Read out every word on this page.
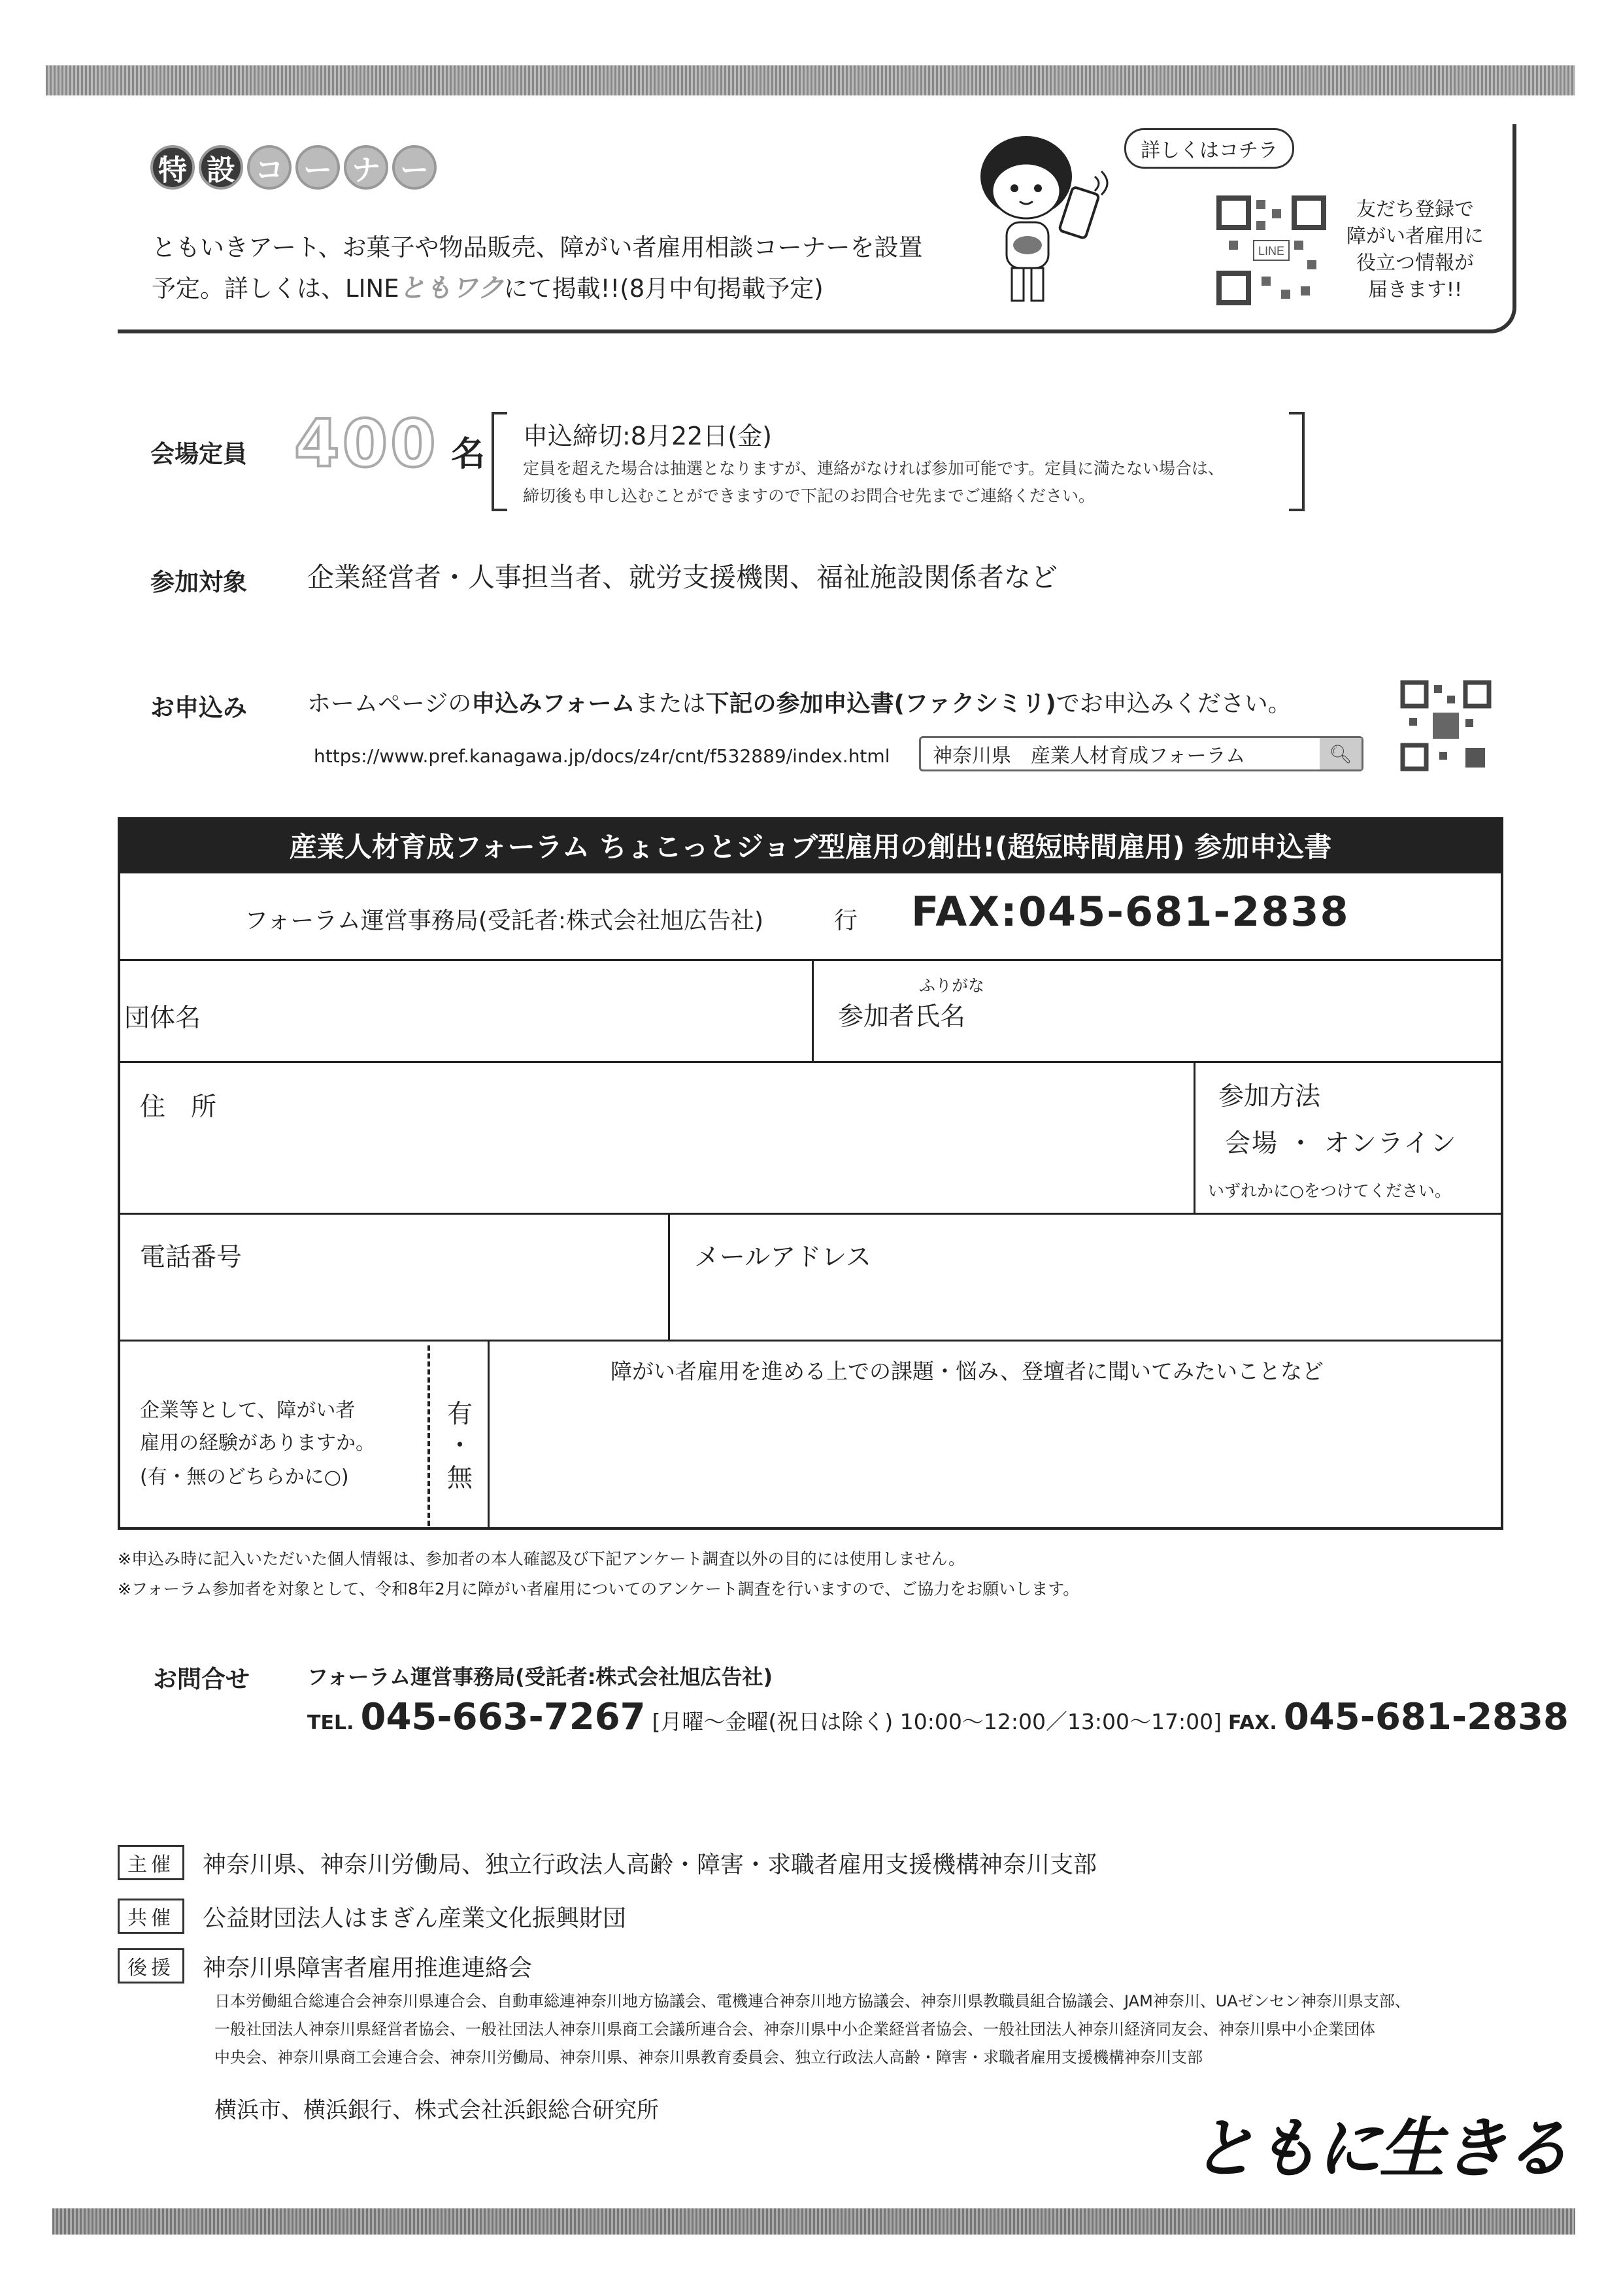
特 設 コ ー ナ ー
ともいきアート、お菓子や物品販売、障がい者雇用相談コーナーを設置
予定。詳しくは、LINEともワクにて掲載!!(8月中旬掲載予定)
詳しくはコチラ
LINE
友だち登録で
障がい者雇用に
役立つ情報が
届きます!!
会場定員 400 名 申込締切:8月22日(金)
定員を超えた場合は抽選となりますが、連絡がなければ参加可能です。定員に満たない場合は、
締切後も申し込むことができますので下記のお問合せ先までご連絡ください。
参加対象 企業経営者・人事担当者、就労支援機関、福祉施設関係者など
お申込み	ホームページの申込みフォームまたは下記の参加申込書(ファクシミリ)でお申込みください。
https://www.pref.kanagawa.jp/docs/z4r/cnt/f532889/index.html 神奈川県　産業人材育成フォーラム	🔍︎
産業人材育成フォーラム ちょこっとジョブ型雇用の創出!(超短時間雇用) 参加申込書
フォーラム運営事務局(受託者:株式会社旭広告社)	行 FAX:045-681-2838
団体名
ふりがな
参加者氏名
住　所	参加方法
会場 ・ オンライン
いずれかに○をつけてください。
電話番号	メールアドレス
企業等として、障がい者
雇用の経験がありますか。
(有・無のどちらかに○)
有
・
無
障がい者雇用を進める上での課題・悩み、登壇者に聞いてみたいことなど
※申込み時に記入いただいた個人情報は、参加者の本人確認及び下記アンケート調査以外の目的には使用しません。
※フォーラム参加者を対象として、令和8年2月に障がい者雇用についてのアンケート調査を行いますので、ご協力をお願いします。
お問合せ	フォーラム運営事務局(受託者:株式会社旭広告社)
TEL. 045-663-7267 [月曜～金曜(祝日は除く) 10:00～12:00／13:00～17:00] FAX. 045-681-2838
主催	神奈川県、神奈川労働局、独立行政法人高齢・障害・求職者雇用支援機構神奈川支部
共催	公益財団法人はまぎん産業文化振興財団
後援	神奈川県障害者雇用推進連絡会
日本労働組合総連合会神奈川県連合会、自動車総連神奈川地方協議会、電機連合神奈川地方協議会、神奈川県教職員組合協議会、JAM神奈川、UAゼンセン神奈川県支部、
一般社団法人神奈川県経営者協会、一般社団法人神奈川県商工会議所連合会、神奈川県中小企業経営者協会、一般社団法人神奈川経済同友会、神奈川県中小企業団体
中央会、神奈川県商工会連合会、神奈川労働局、神奈川県、神奈川県教育委員会、独立行政法人高齢・障害・求職者雇用支援機構神奈川支部
横浜市、横浜銀行、株式会社浜銀総合研究所	ともに生きる
